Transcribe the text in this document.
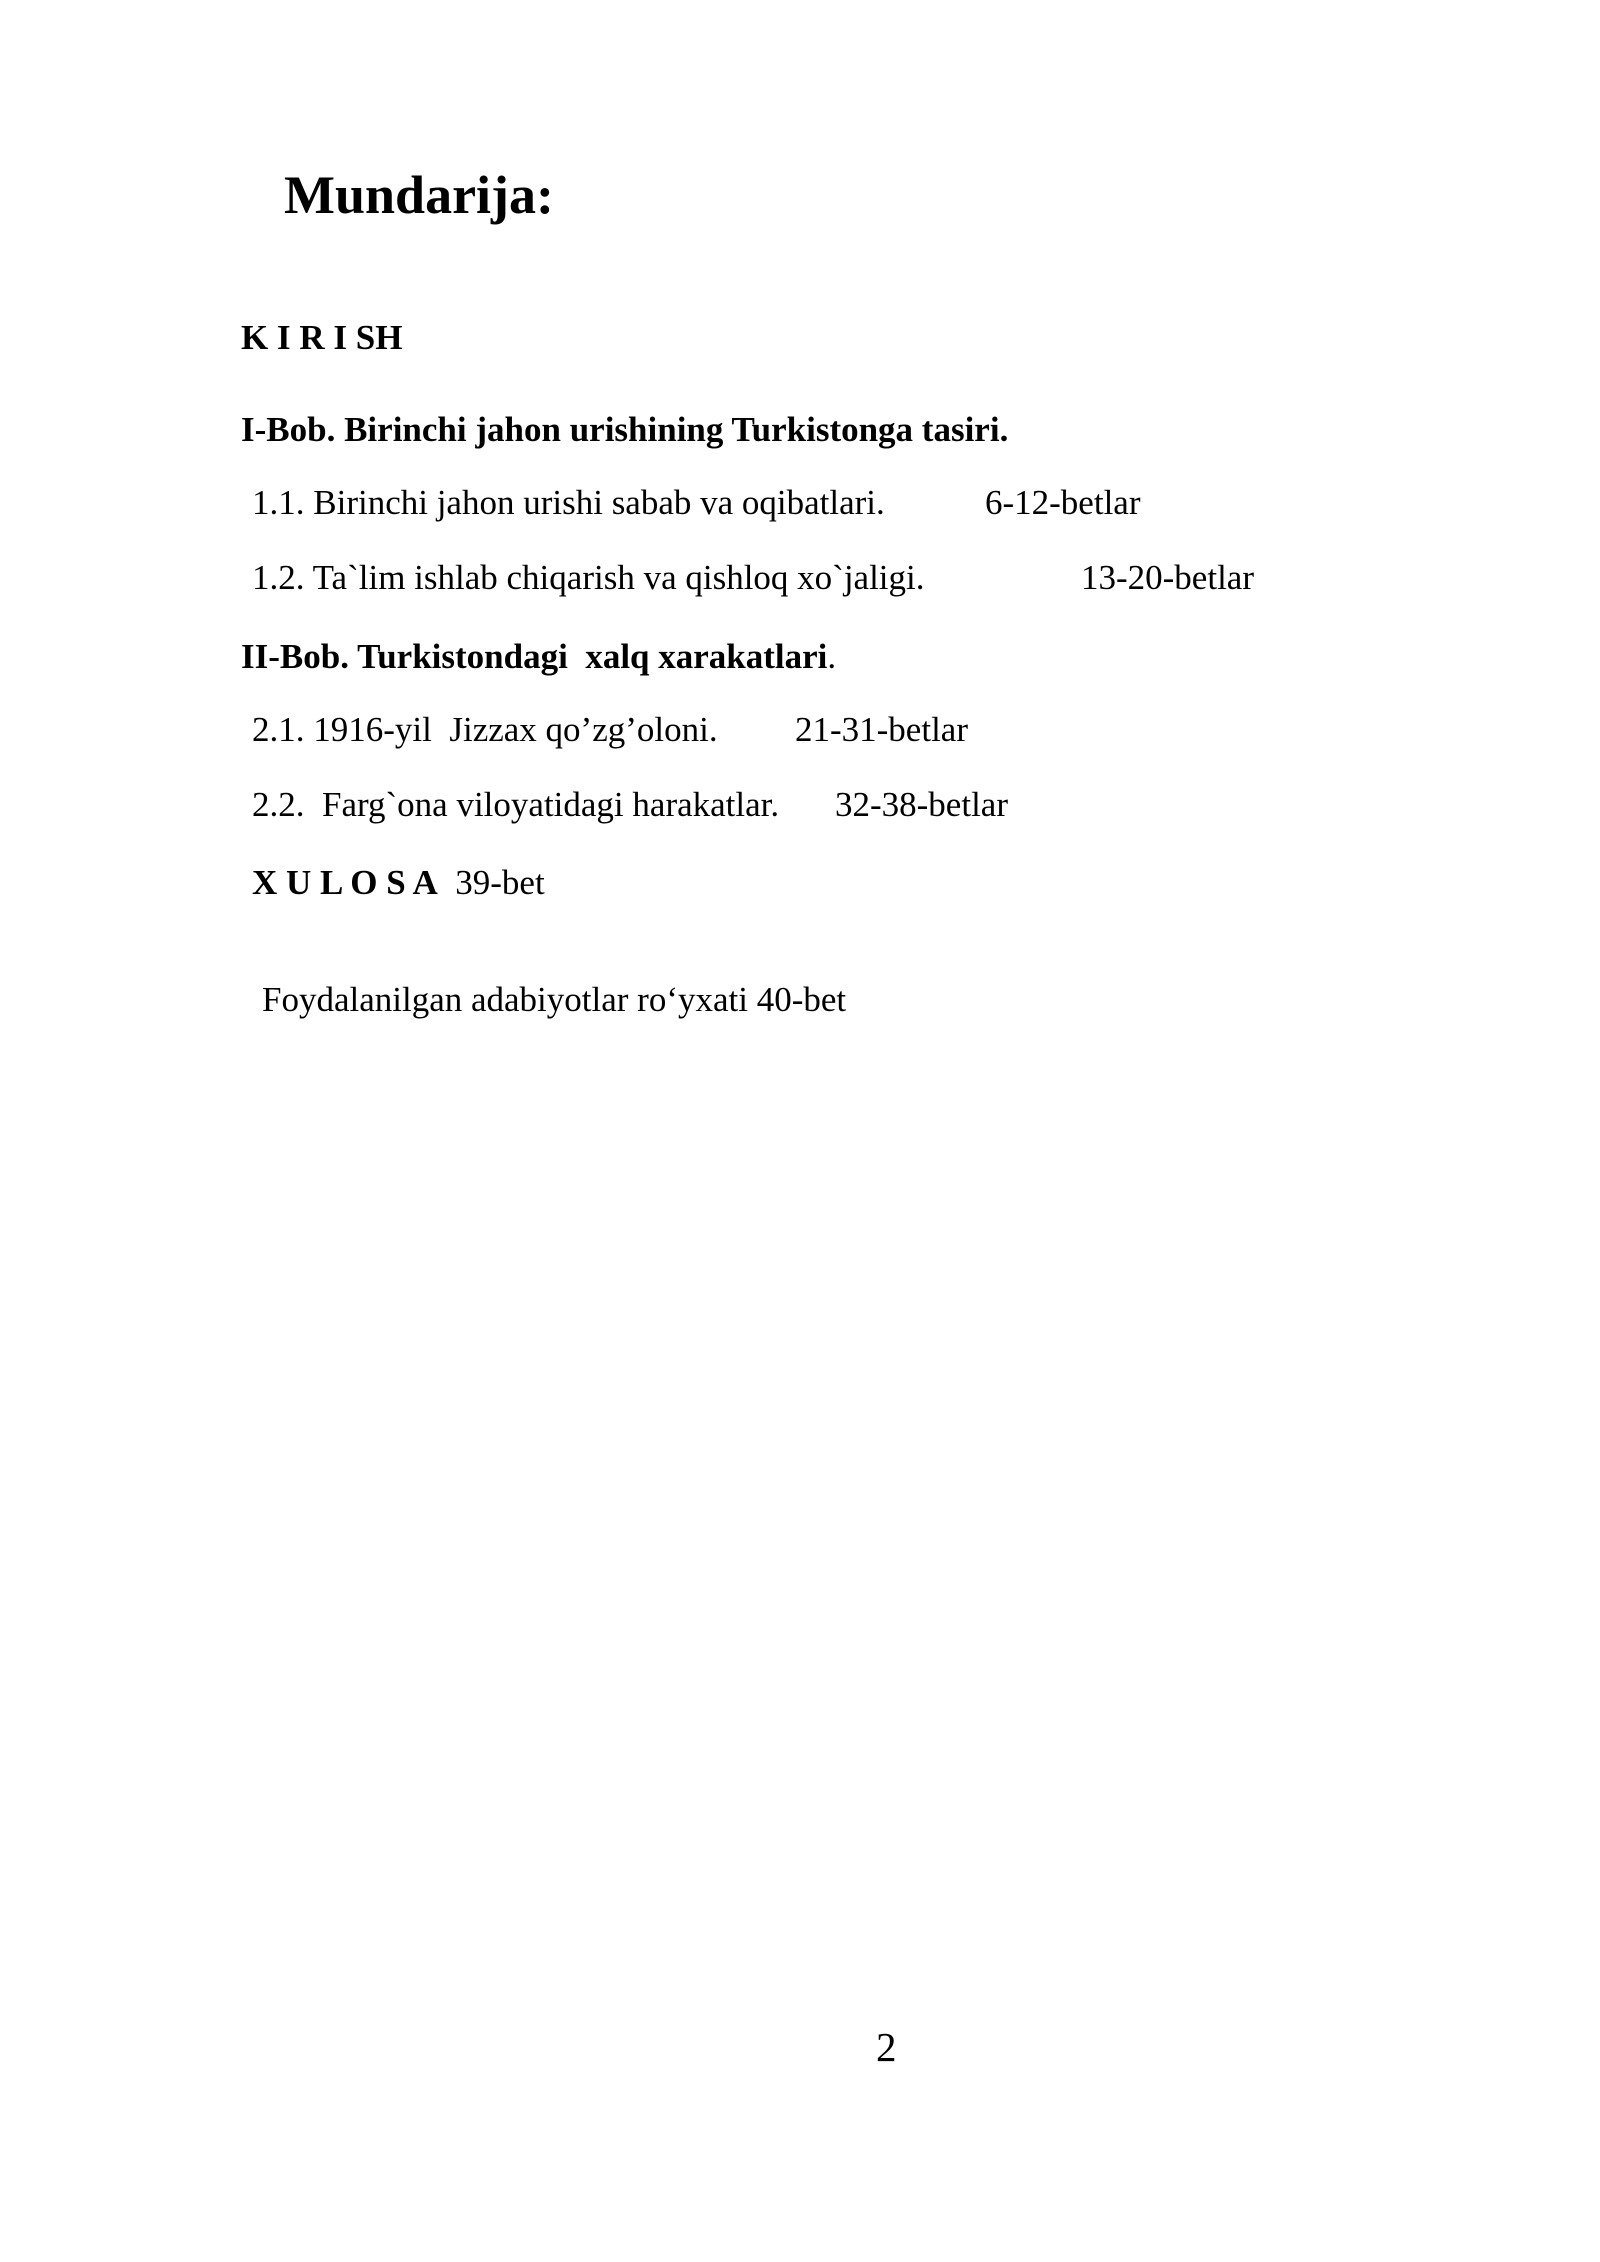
Mundarija:
K I R I SH
I-Bob. Birinchi jahon urishining Turkistonga tasiri.
1.1. Birinchi jahon urishi sabab va oqibatlari.	6-12-betlar
1.2. Ta`lim ishlab chiqarish va qishloq xo`jaligi.	13-20-betlar
II-Bob. Turkistondagi  xalq xarakatlari.
2.1. 1916-yil  Jizzax qo’zg’oloni. 21-31-betlar
2.2.  Farg`ona viloyatidagi harakatlar. 32-38-betlar
X U L O S A 39-bet
Foydalanilgan adabiyotlar ro‘yxati 40-bet
2
